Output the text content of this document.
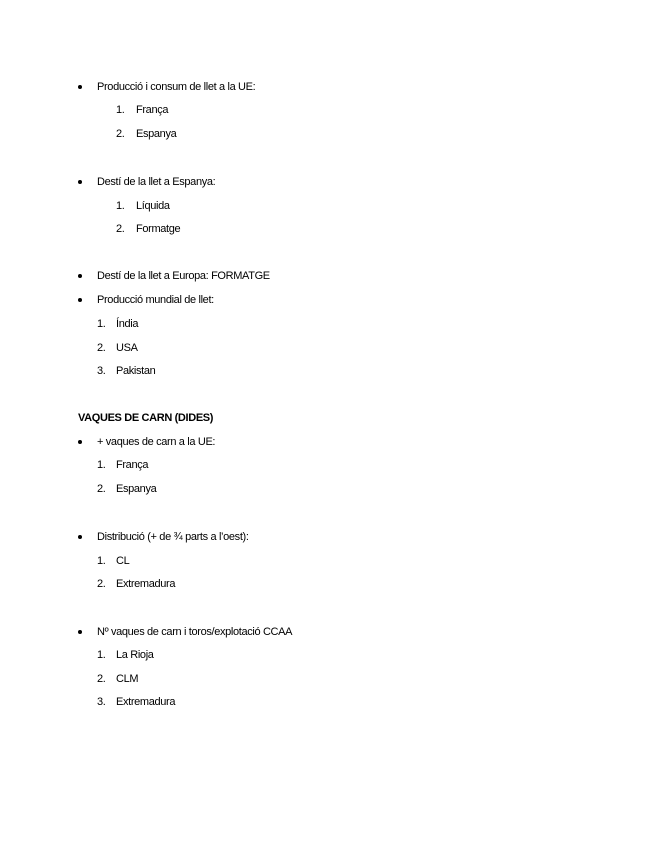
Producció i consum de llet a la UE:
1. França
2. Espanya
Destí de la llet a Espanya:
1. Líquida
2. Formatge
Destí de la llet a Europa: FORMATGE
Producció mundial de llet:
1. Índia
2. USA
3. Pakistan
VAQUES DE CARN (DIDES)
+ vaques de carn a la UE:
1. França
2. Espanya
Distribució (+ de ¾ parts a l’oest):
1. CL
2. Extremadura
Nº vaques de carn i toros/explotació CCAA
1. La Rioja
2. CLM
3. Extremadura
